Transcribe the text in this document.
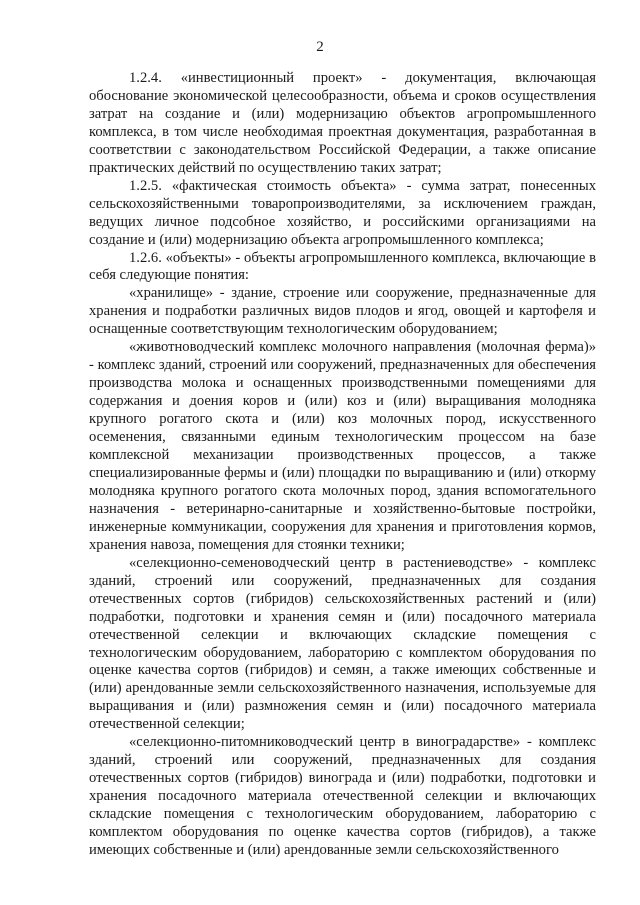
2

1.2.4. «инвестиционный проект» - документация, включающая обоснование экономической целесообразности, объема и сроков осуществления затрат на создание и (или) модернизацию объектов агропромышленного комплекса, в том числе необходимая проектная документация, разработанная в соответствии с законодательством Российской Федерации, а также описание практических действий по осуществлению таких затрат;

1.2.5. «фактическая стоимость объекта» - сумма затрат, понесенных сельскохозяйственными товаропроизводителями, за исключением граждан, ведущих личное подсобное хозяйство, и российскими организациями на создание и (или) модернизацию объекта агропромышленного комплекса;

1.2.6. «объекты» - объекты агропромышленного комплекса, включающие в себя следующие понятия:

«хранилище» - здание, строение или сооружение, предназначенные для хранения и подработки различных видов плодов и ягод, овощей и картофеля и оснащенные соответствующим технологическим оборудованием;

«животноводческий комплекс молочного направления (молочная ферма)» - комплекс зданий, строений или сооружений, предназначенных для обеспечения производства молока и оснащенных производственными помещениями для содержания и доения коров и (или) коз и (или) выращивания молодняка крупного рогатого скота и (или) коз молочных пород, искусственного осеменения, связанными единым технологическим процессом на базе комплексной механизации производственных процессов, а также специализированные фермы и (или) площадки по выращиванию и (или) откорму молодняка крупного рогатого скота молочных пород, здания вспомогательного назначения - ветеринарно-санитарные и хозяйственно-бытовые постройки, инженерные коммуникации, сооружения для хранения и приготовления кормов, хранения навоза, помещения для стоянки техники;

«селекционно-семеноводческий центр в растениеводстве» - комплекс зданий, строений или сооружений, предназначенных для создания отечественных сортов (гибридов) сельскохозяйственных растений и (или) подработки, подготовки и хранения семян и (или) посадочного материала отечественной селекции и включающих складские помещения с технологическим оборудованием, лабораторию с комплектом оборудования по оценке качества сортов (гибридов) и семян, а также имеющих собственные и (или) арендованные земли сельскохозяйственного назначения, используемые для выращивания и (или) размножения семян и (или) посадочного материала отечественной селекции;

«селекционно-питомниководческий центр в виноградарстве» - комплекс зданий, строений или сооружений, предназначенных для создания отечественных сортов (гибридов) винограда и (или) подработки, подготовки и хранения посадочного материала отечественной селекции и включающих складские помещения с технологическим оборудованием, лабораторию с комплектом оборудования по оценке качества сортов (гибридов), а также имеющих собственные и (или) арендованные земли сельскохозяйственного
